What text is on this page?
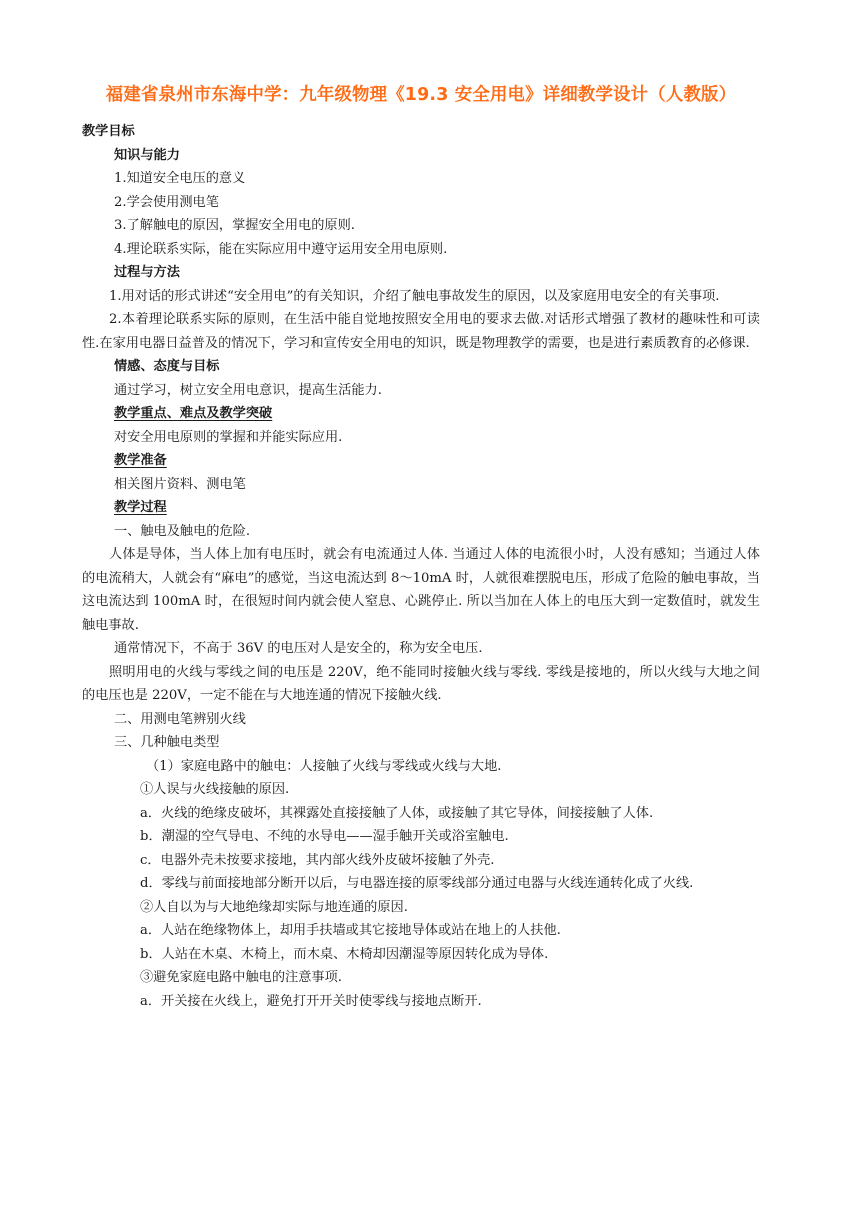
福建省泉州市东海中学：九年级物理《19.3 安全用电》详细教学设计（人教版）
教学目标
知识与能力
1.知道安全电压的意义
2.学会使用测电笔
3.了解触电的原因，掌握安全用电的原则.
4.理论联系实际，能在实际应用中遵守运用安全用电原则.
过程与方法
1.用对话的形式讲述“安全用电”的有关知识，介绍了触电事故发生的原因，以及家庭用电安全的有关事项.
2.本着理论联系实际的原则，在生活中能自觉地按照安全用电的要求去做.对话形式增强了教材的趣味性和可读性.在家用电器日益普及的情况下，学习和宣传安全用电的知识，既是物理教学的需要，也是进行素质教育的必修课.
情感、态度与目标
通过学习，树立安全用电意识，提高生活能力.
教学重点、难点及教学突破
对安全用电原则的掌握和并能实际应用.
教学准备
相关图片资料、测电笔
教学过程
一、触电及触电的危险.
人体是导体，当人体上加有电压时，就会有电流通过人体. 当通过人体的电流很小时，人没有感知；当通过人体的电流稍大，人就会有“麻电”的感觉，当这电流达到 8～10mA 时，人就很难摆脱电压，形成了危险的触电事故，当这电流达到 100mA 时，在很短时间内就会使人窒息、心跳停止. 所以当加在人体上的电压大到一定数值时，就发生触电事故.
通常情况下，不高于 36V 的电压对人是安全的，称为安全电压.
照明用电的火线与零线之间的电压是 220V，绝不能同时接触火线与零线. 零线是接地的，所以火线与大地之间的电压也是 220V，一定不能在与大地连通的情况下接触火线.
二、用测电笔辨别火线
三、几种触电类型
（1）家庭电路中的触电：人接触了火线与零线或火线与大地.
①人误与火线接触的原因.
a．火线的绝缘皮破坏，其裸露处直接接触了人体，或接触了其它导体，间接接触了人体.
b．潮湿的空气导电、不纯的水导电——湿手触开关或浴室触电.
c．电器外壳未按要求接地，其内部火线外皮破坏接触了外壳.
d．零线与前面接地部分断开以后，与电器连接的原零线部分通过电器与火线连通转化成了火线.
②人自以为与大地绝缘却实际与地连通的原因.
a．人站在绝缘物体上，却用手扶墙或其它接地导体或站在地上的人扶他.
b．人站在木桌、木椅上，而木桌、木椅却因潮湿等原因转化成为导体.
③避免家庭电路中触电的注意事项.
a．开关接在火线上，避免打开开关时使零线与接地点断开.
